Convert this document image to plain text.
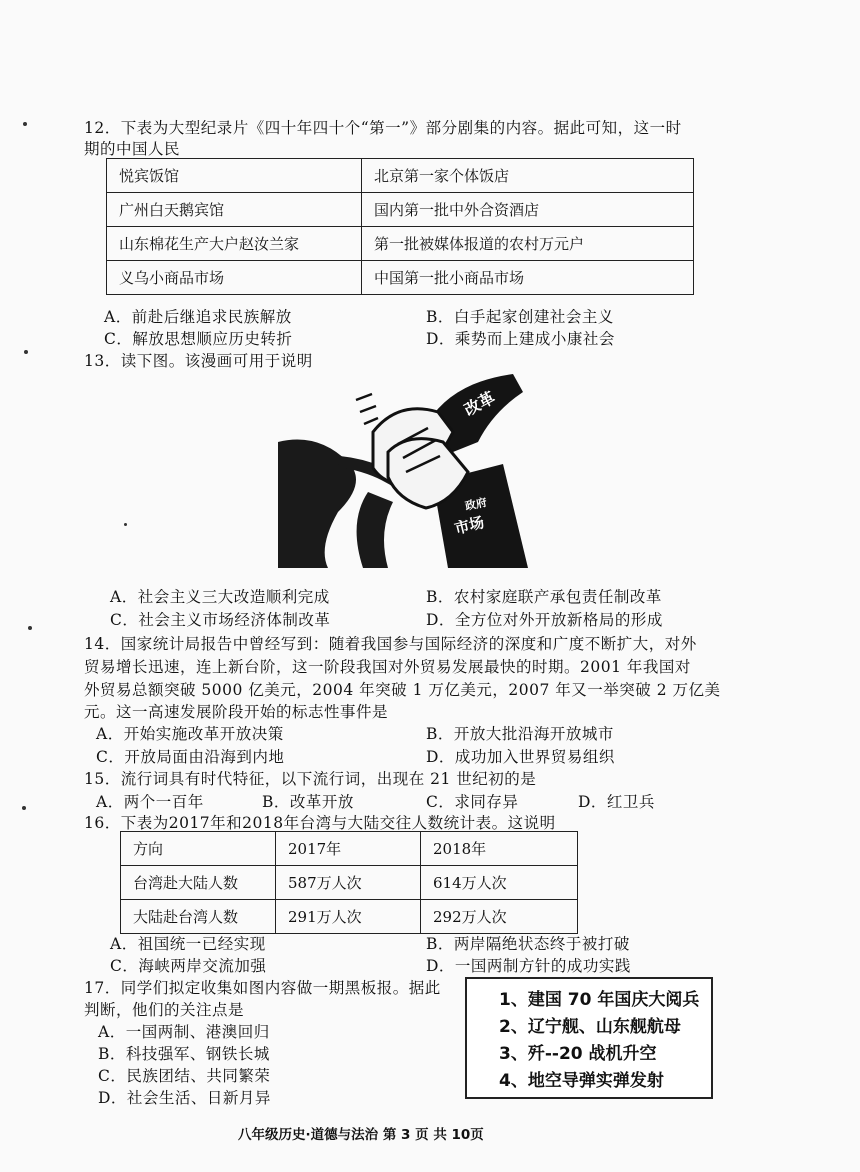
12．下表为大型纪录片《四十年四十个“第一”》部分剧集的内容。据此可知，这一时
期的中国人民
悦宾饭馆	北京第一家个体饭店
广州白天鹅宾馆	国内第一批中外合资酒店
山东棉花生产大户赵汝兰家	第一批被媒体报道的农村万元户
义乌小商品市场	中国第一批小商品市场
A．前赴后继追求民族解放	B．白手起家创建社会主义
C．解放思想顺应历史转折	D．乘势而上建成小康社会
13．读下图。该漫画可用于说明
改革
政府
市场
A．社会主义三大改造顺利完成	B．农村家庭联产承包责任制改革
C．社会主义市场经济体制改革	D．全方位对外开放新格局的形成
14．国家统计局报告中曾经写到：随着我国参与国际经济的深度和广度不断扩大，对外
贸易增长迅速，连上新台阶，这一阶段我国对外贸易发展最快的时期。2001 年我国对
外贸易总额突破 5000 亿美元，2004 年突破 1 万亿美元，2007 年又一举突破 2 万亿美
元。这一高速发展阶段开始的标志性事件是
A．开始实施改革开放决策	B．开放大批沿海开放城市
C．开放局面由沿海到内地	D．成功加入世界贸易组织
15．流行词具有时代特征，以下流行词，出现在 21 世纪初的是
A．两个一百年	B．改革开放	C．求同存异	D．红卫兵
16．下表为2017年和2018年台湾与大陆交往人数统计表。这说明
方向	2017年	2018年
台湾赴大陆人数	587万人次	614万人次
大陆赴台湾人数	291万人次	292万人次
A．祖国统一已经实现	B．两岸隔绝状态终于被打破
C．海峡两岸交流加强	D．一国两制方针的成功实践
17．同学们拟定收集如图内容做一期黑板报。据此
判断，他们的关注点是
A．一国两制、港澳回归
B．科技强军、钢铁长城
C．民族团结、共同繁荣
D．社会生活、日新月异
1、建国 70 年国庆大阅兵
2、辽宁舰、山东舰航母
3、歼--20 战机升空
4、地空导弹实弹发射
八年级历史·道德与法治 第 3 页 共 10页
